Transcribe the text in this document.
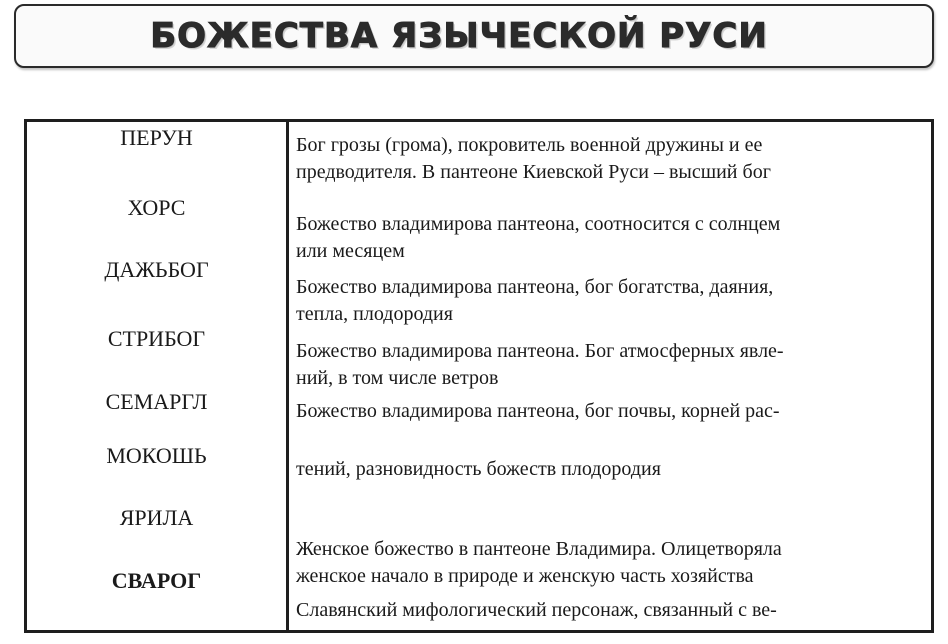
БОЖЕСТВА ЯЗЫЧЕСКОЙ РУСИ
ПЕРУН
ХОРС
ДАЖЬБОГ
СТРИБОГ
СЕМАРГЛ
МОКОШЬ
ЯРИЛА
СВАРОГ
Бог грозы (грома), покровитель военной дружины и ее
предводителя. В пантеоне Киевской Руси – высший бог
Божество владимирова пантеона, соотносится с солнцем
или месяцем
Божество владимирова пантеона, бог богатства, даяния,
тепла, плодородия
Божество владимирова пантеона. Бог атмосферных явле-
ний, в том числе ветров
Божество владимирова пантеона, бог почвы, корней рас-
тений, разновидность божеств плодородия
Женское божество в пантеоне Владимира. Олицетворяла
женское начало в природе и женскую часть хозяйства
Славянский мифологический персонаж, связанный с ве-
